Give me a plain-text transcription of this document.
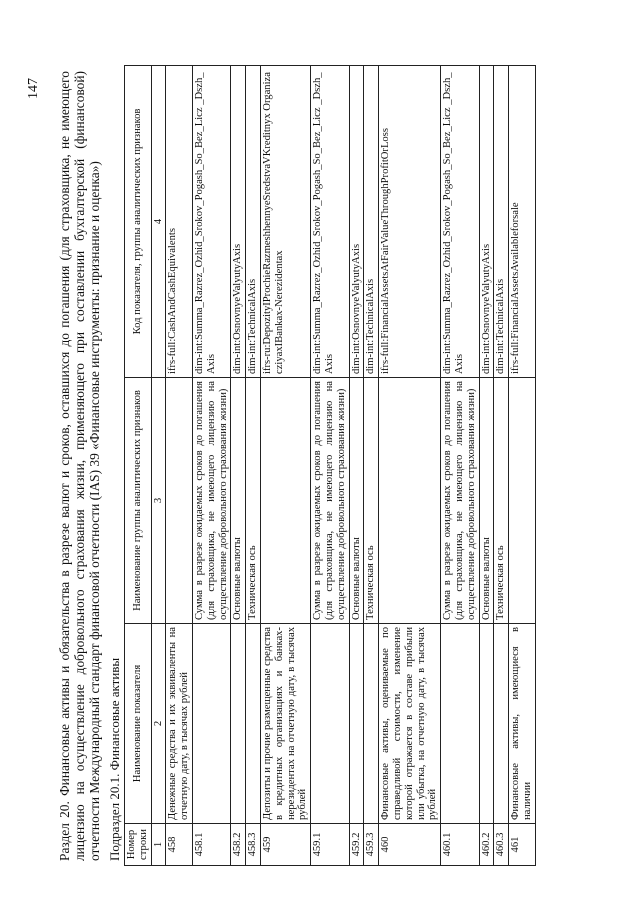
147 Раздел 20. Финансовые активы и обязательства в разрезе валют и сроков, оставшихся до погашения (для страховщика, не имеющего лицензию на осуществление добровольного страхования жизни, применяющего при составлении бухгалтерской (финансовой) отчетности Международный стандарт финансовой отчетности (IAS) 39 «Финансовые инструменты: признание и оценка») Подраздел 20.1. Финансовые активы Номер строки	Наименование показателя	Наименование группы аналитических признаков	Код показателя, группы аналитических признаков
1	2	3	4
458	Денежные средства и их эквиваленты на отчетную дату, в тысячах рублей		ifrs-full:CashAndCashEquivalents
458.1		Сумма в разрезе ожидаемых сроков до погашения (для страховщика, не имеющего лицензию на осуществление добровольного страхования жизни)	dim-int:Summa_Razrez_Ozhid_Srokov_Pogash_So_Bez_Licz _Dszh_Axis
458.2		Основные валюты	dim-int:OsnovnyeValyutyAxis
458.3		Техническая ось	dim-int:TechnicalAxis
459	Депозиты и прочие размещенные средства в кредитных организациях и банках-нерезидентах на отчетную дату, в тысячах рублей		ifrs-ru:DepozityIProchieRazmeshhennyeSredstvaVKreditnyx OrganizacziyaxIBankax-Nerezidentax
459.1		Сумма в разрезе ожидаемых сроков до погашения (для страховщика, не имеющего лицензию на осуществление добровольного страхования жизни)	dim-int:Summa_Razrez_Ozhid_Srokov_Pogash_So_Bez_Licz _Dszh_Axis
459.2		Основные валюты	dim-int:OsnovnyeValyutyAxis
459.3		Техническая ось	dim-int:TechnicalAxis
460	Финансовые активы, оцениваемые по справедливой стоимости, изменение которой отражается в составе прибыли или убытка, на отчетную дату, в тысячах рублей		ifrs-full:FinancialAssetsAtFairValueThroughProfitOrLoss
460.1		Сумма в разрезе ожидаемых сроков до погашения (для страховщика, не имеющего лицензию на осуществление добровольного страхования жизни)	dim-int:Summa_Razrez_Ozhid_Srokov_Pogash_So_Bez_Licz _Dszh_Axis
460.2		Основные валюты	dim-int:OsnovnyeValyutyAxis
460.3		Техническая ось	dim-int:TechnicalAxis
461	Финансовые активы, имеющиеся в наличии		ifrs-full:FinancialAssetsAvailableforsale
